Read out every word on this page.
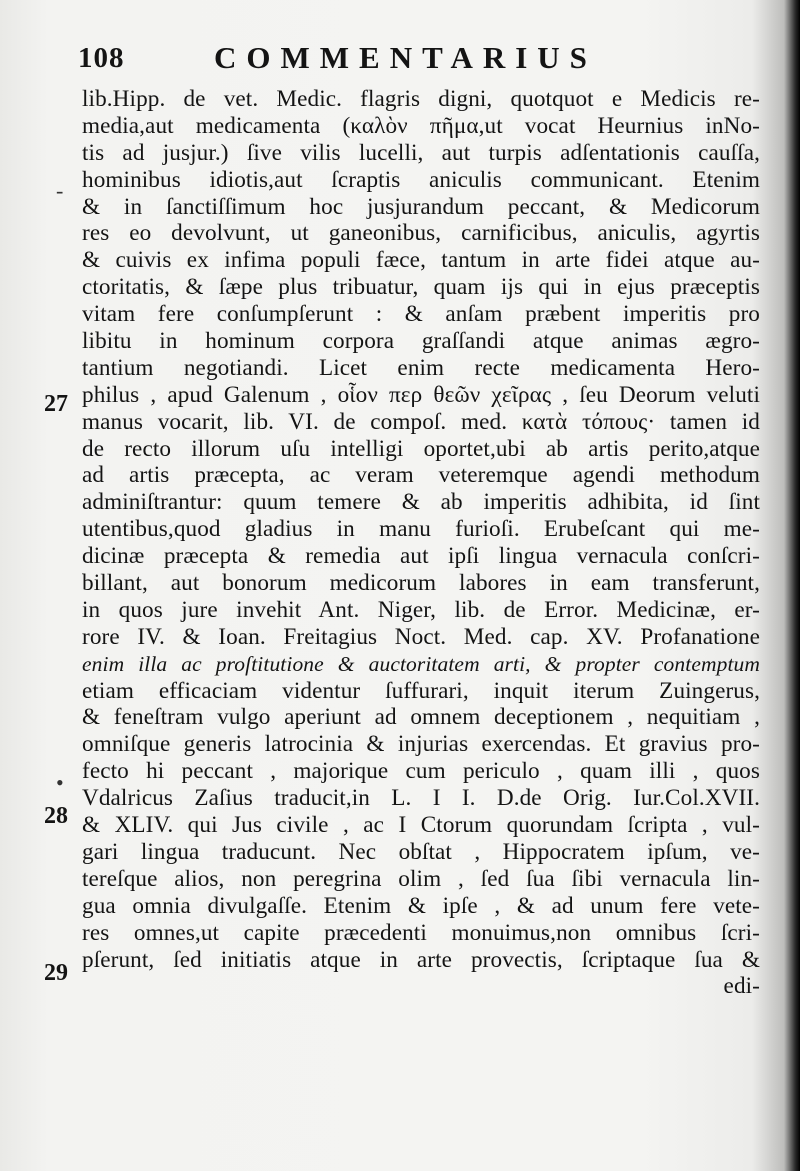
108	COMMENTARIUS
-
•
27
28
29
lib.Hipp. de vet. Medic. flagris digni, quotquot e Medicis re-
media,aut medicamenta (καλὸν πῆμα,ut vocat Heurnius inNo-
tis ad jusjur.) ſive vilis lucelli, aut turpis adſentationis cauſſa,
hominibus idiotis,aut ſcraptis aniculis communicant. Etenim
& in ſanctiſſimum hoc jusjurandum peccant, & Medicorum
res eo devolvunt, ut ganeonibus, carnificibus, aniculis, agyrtis
& cuivis ex infima populi fæce, tantum in arte fidei atque au-
ctoritatis, & ſæpe plus tribuatur, quam ijs qui in ejus præceptis
vitam fere conſumpſerunt : & anſam præbent imperitis pro
libitu in hominum corpora graſſandi atque animas ægro-
tantium negotiandi. Licet enim recte medicamenta Hero-
philus , apud Galenum , οἷον περ θεῶν χεῖρας , ſeu Deorum veluti
manus vocarit, lib. VI. de compoſ. med. κατὰ τόπους· tamen id
de recto illorum uſu intelligi oportet,ubi ab artis perito,atque
ad artis præcepta, ac veram veteremque agendi methodum
adminiſtrantur: quum temere & ab imperitis adhibita, id ſint
utentibus,quod gladius in manu furioſi. Erubeſcant qui me-
dicinæ præcepta & remedia aut ipſi lingua vernacula conſcri-
billant, aut bonorum medicorum labores in eam transferunt,
in quos jure invehit Ant. Niger, lib. de Error. Medicinæ, er-
rore IV. & Ioan. Freitagius Noct. Med. cap. XV. Profanatione
enim illa ac proſtitutione & auctoritatem arti, & propter contemptum
etiam efficaciam videntur ſuffurari, inquit iterum Zuingerus,
& feneſtram vulgo aperiunt ad omnem deceptionem , nequitiam ,
omniſque generis latrocinia & injurias exercendas. Et gravius pro-
fecto hi peccant , majorique cum periculo , quam illi , quos
Vdalricus Zaſius traducit,in L. I I. D.de Orig. Iur.Col.XVII.
& XLIV. qui Jus civile , ac I Ctorum quorundam ſcripta , vul-
gari lingua traducunt. Nec obſtat , Hippocratem ipſum, ve-
tereſque alios, non peregrina olim , ſed ſua ſibi vernacula lin-
gua omnia divulgaſſe. Etenim & ipſe , & ad unum fere vete-
res omnes,ut capite præcedenti monuimus,non omnibus ſcri-
pſerunt, ſed initiatis atque in arte provectis, ſcriptaque ſua &
edi-
